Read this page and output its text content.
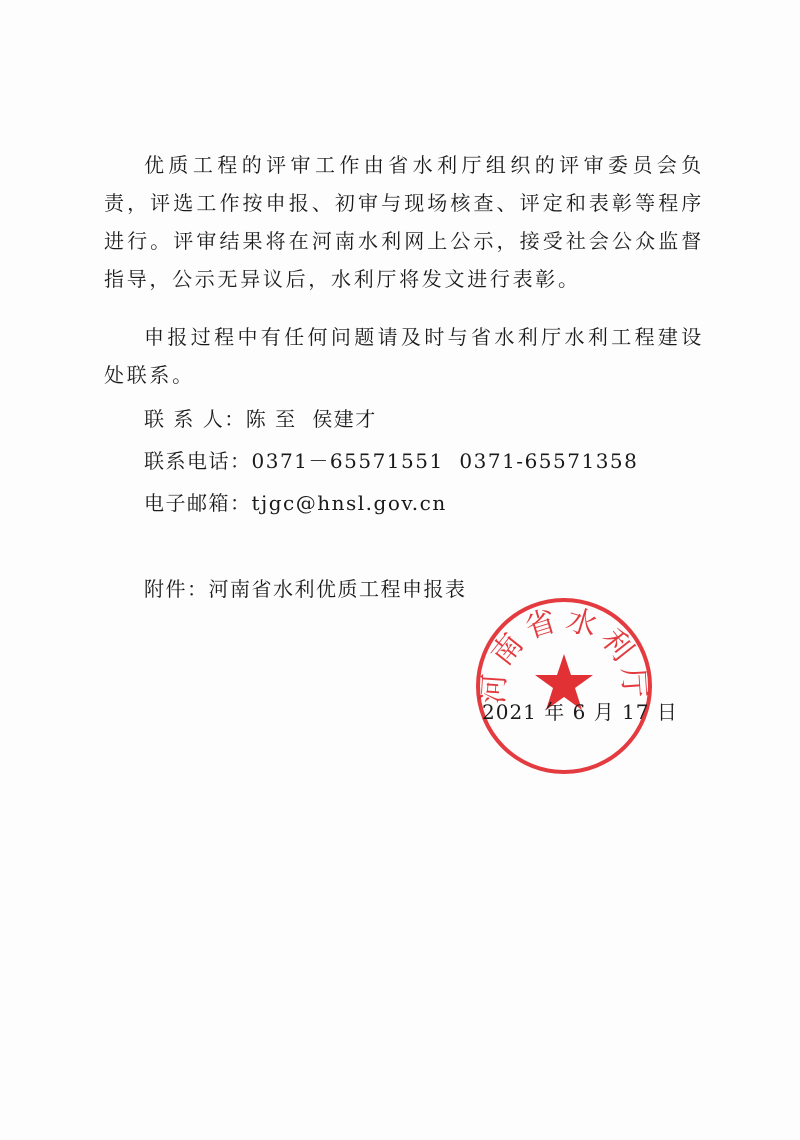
优质工程的评审工作由省水利厅组织的评审委员会负责，评选工作按申报、初审与现场核查、评定和表彰等程序进行。评审结果将在河南水利网上公示，接受社会公众监督指导，公示无异议后，水利厅将发文进行表彰。

申报过程中有任何问题请及时与省水利厅水利工程建设处联系。

联 系 人：陈 至  侯建才
联系电话：0371－65571551  0371-65571358
电子邮箱：tjgc@hnsl.gov.cn
附件：河南省水利优质工程申报表
河南省水利厅
2021 年 6 月 17 日
